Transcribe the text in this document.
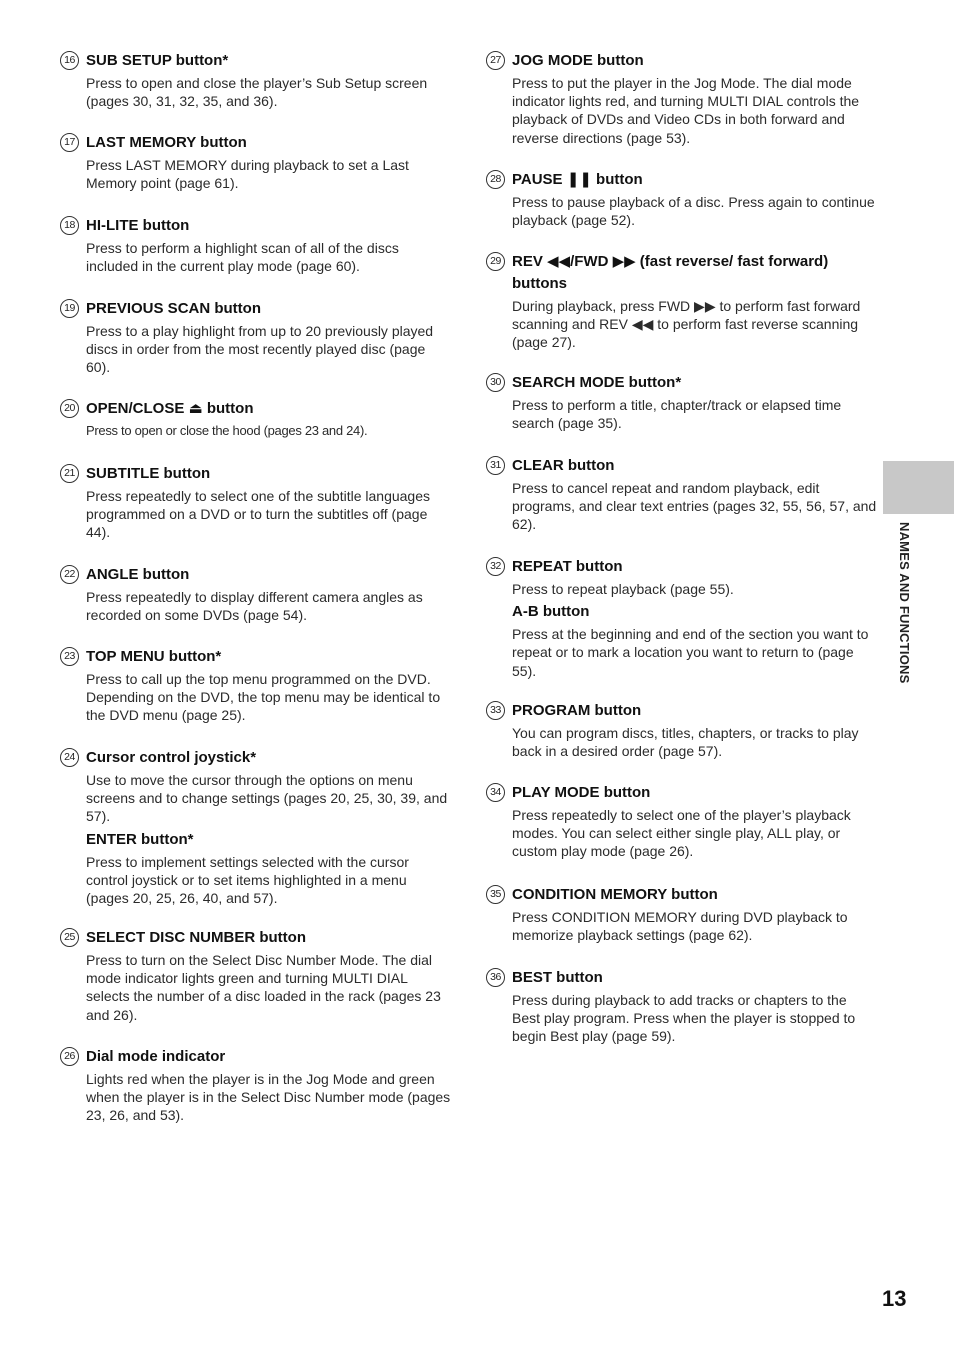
16 SUB SETUP button*
Press to open and close the player’s Sub Setup screen (pages 30, 31, 32, 35, and 36).
17 LAST MEMORY button
Press LAST MEMORY during playback to set a Last Memory point (page 61).
18 HI-LITE button
Press to perform a highlight scan of all of the discs included in the current play mode (page 60).
19 PREVIOUS SCAN button
Press to a play highlight from up to 20 previously played discs in order from the most recently played disc (page 60).
20 OPEN/CLOSE ⏏ button
Press to open or close the hood (pages 23 and 24).
21 SUBTITLE button
Press repeatedly to select one of the subtitle languages programmed on a DVD or to turn the subtitles off (page 44).
22 ANGLE button
Press repeatedly to display different camera angles as recorded on some DVDs (page 54).
23 TOP MENU button*
Press to call up the top menu programmed on the DVD. Depending on the DVD, the top menu may be identical to the DVD menu (page 25).
24 Cursor control joystick*
Use to move the cursor through the options on menu screens and to change settings (pages 20, 25, 30, 39, and 57).
ENTER button*
Press to implement settings selected with the cursor control joystick or to set items highlighted in a menu (pages 20, 25, 26, 40, and 57).
25 SELECT DISC NUMBER button
Press to turn on the Select Disc Number Mode. The dial mode indicator lights green and turning MULTI DIAL selects the number of a disc loaded in the rack (pages 23 and 26).
26 Dial mode indicator
Lights red when the player is in the Jog Mode and green when the player is in the Select Disc Number mode (pages 23, 26, and 53).
27 JOG MODE button
Press to put the player in the Jog Mode. The dial mode indicator lights red, and turning MULTI DIAL controls the playback of DVDs and Video CDs in both forward and reverse directions (page 53).
28 PAUSE ❚❚ button
Press to pause playback of a disc. Press again to continue playback (page 52).
29 REV ◀◀/FWD ▶▶ (fast reverse/ fast forward) buttons
During playback, press FWD ▶▶ to perform fast forward scanning and REV ◀◀ to perform fast reverse scanning (page 27).
30 SEARCH MODE button*
Press to perform a title, chapter/track or elapsed time search (page 35).
31 CLEAR button
Press to cancel repeat and random playback, edit programs, and clear text entries (pages 32, 55, 56, 57, and 62).
32 REPEAT button
Press to repeat playback (page 55).
A-B button
Press at the beginning and end of the section you want to repeat or to mark a location you want to return to (page 55).
33 PROGRAM button
You can program discs, titles, chapters, or tracks to play back in a desired order (page 57).
34 PLAY MODE button
Press repeatedly to select one of the player’s playback modes. You can select either single play, ALL play, or custom play mode (page 26).
35 CONDITION MEMORY button
Press CONDITION MEMORY during DVD playback to memorize playback settings (page 62).
36 BEST button
Press during playback to add tracks or chapters to the Best play program. Press when the player is stopped to begin Best play (page 59).
NAMES AND FUNCTIONS
13
